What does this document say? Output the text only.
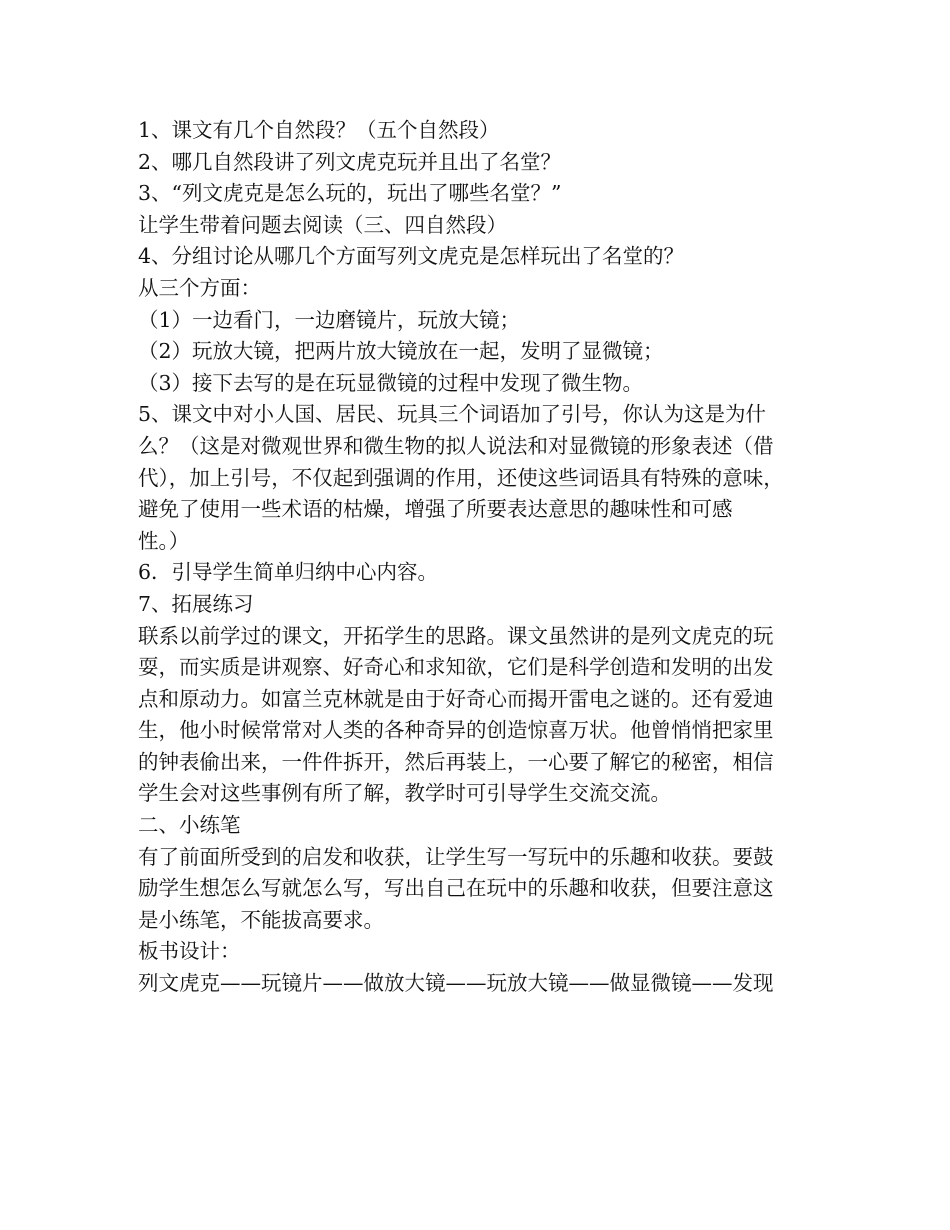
1、课文有几个自然段？（五个自然段）
2、哪几自然段讲了列文虎克玩并且出了名堂？
3、“列文虎克是怎么玩的，玩出了哪些名堂？”
让学生带着问题去阅读（三、四自然段）
4、分组讨论从哪几个方面写列文虎克是怎样玩出了名堂的？
从三个方面：
（1）一边看门，一边磨镜片，玩放大镜；
（2）玩放大镜，把两片放大镜放在一起，发明了显微镜；
（3）接下去写的是在玩显微镜的过程中发现了微生物。
5、课文中对小人国、居民、玩具三个词语加了引号，你认为这是为什
么？（这是对微观世界和微生物的拟人说法和对显微镜的形象表述（借
代），加上引号，不仅起到强调的作用，还使这些词语具有特殊的意味，
避免了使用一些术语的枯燥，增强了所要表达意思的趣味性和可感
性。）
6．引导学生简单归纳中心内容。
7、拓展练习
联系以前学过的课文，开拓学生的思路。课文虽然讲的是列文虎克的玩
耍，而实质是讲观察、好奇心和求知欲，它们是科学创造和发明的出发
点和原动力。如富兰克林就是由于好奇心而揭开雷电之谜的。还有爱迪
生，他小时候常常对人类的各种奇异的创造惊喜万状。他曾悄悄把家里
的钟表偷出来，一件件拆开，然后再装上，一心要了解它的秘密，相信
学生会对这些事例有所了解，教学时可引导学生交流交流。
二、小练笔
有了前面所受到的启发和收获，让学生写一写玩中的乐趣和收获。要鼓
励学生想怎么写就怎么写，写出自己在玩中的乐趣和收获，但要注意这
是小练笔，不能拔高要求。
板书设计：
列文虎克——玩镜片——做放大镜——玩放大镜——做显微镜——发现
